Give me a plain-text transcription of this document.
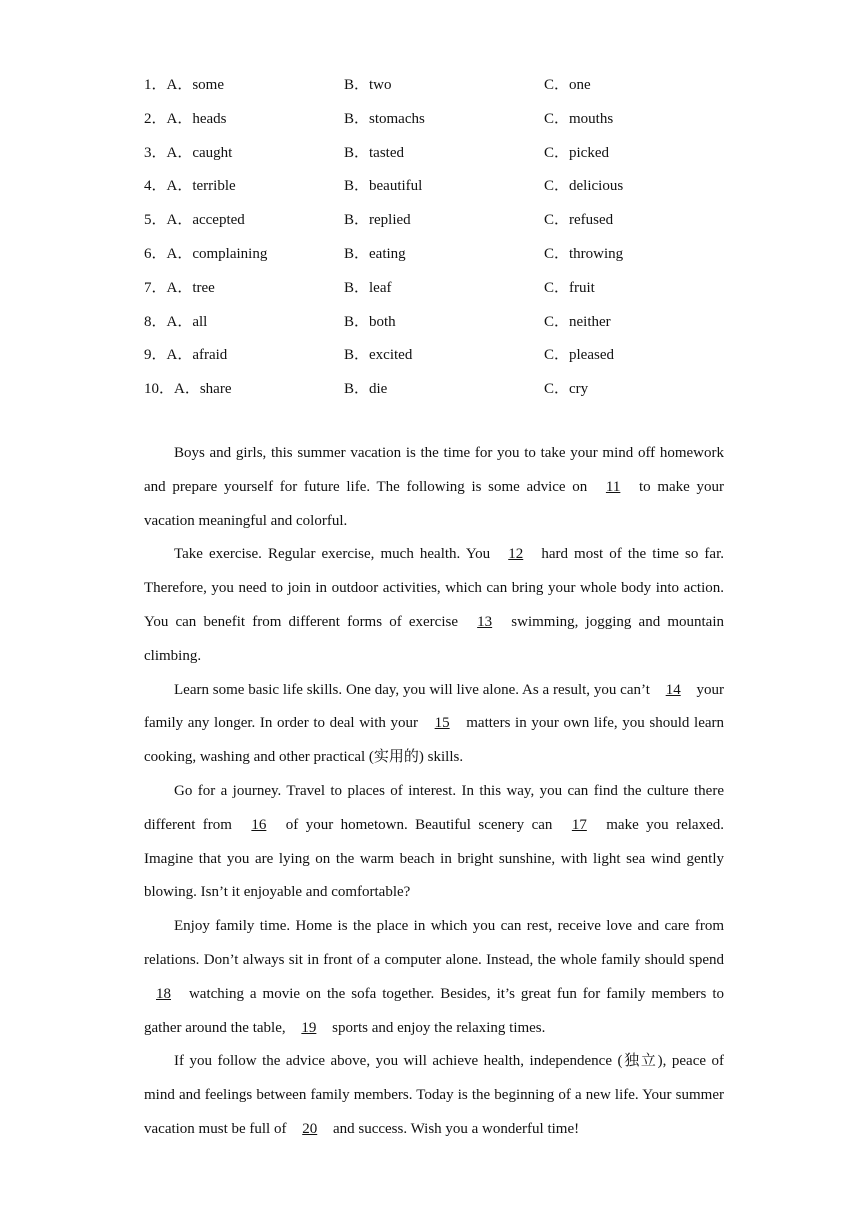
1．A．some	B．two	C．one
2．A．heads	B．stomachs	C．mouths
3．A．caught	B．tasted	C．picked
4．A．terrible	B．beautiful	C．delicious
5．A．accepted	B．replied	C．refused
6．A．complaining	B．eating	C．throwing
7．A．tree	B．leaf	C．fruit
8．A．all	B．both	C．neither
9．A．afraid	B．excited	C．pleased
10．A．share	B．die	C．cry

Boys and girls, this summer vacation is the time for you to take your mind off homework and prepare yourself for future life. The following is some advice on 11 to make your vacation meaningful and colorful.

Take exercise. Regular exercise, much health. You 12 hard most of the time so far. Therefore, you need to join in outdoor activities, which can bring your whole body into action. You can benefit from different forms of exercise 13 swimming, jogging and mountain climbing.

Learn some basic life skills. One day, you will live alone. As a result, you can’t 14 your family any longer. In order to deal with your 15 matters in your own life, you should learn cooking, washing and other practical (实用的) skills.

Go for a journey. Travel to places of interest. In this way, you can find the culture there different from 16 of your hometown. Beautiful scenery can 17 make you relaxed. Imagine that you are lying on the warm beach in bright sunshine, with light sea wind gently blowing. Isn’t it enjoyable and comfortable?

Enjoy family time. Home is the place in which you can rest, receive love and care from relations. Don’t always sit in front of a computer alone. Instead, the whole family should spend 18 watching a movie on the sofa together. Besides, it’s great fun for family members to gather around the table, 19 sports and enjoy the relaxing times.

If you follow the advice above, you will achieve health, independence (独立), peace of mind and feelings between family members. Today is the beginning of a new life. Your summer vacation must be full of 20 and success. Wish you a wonderful time!
